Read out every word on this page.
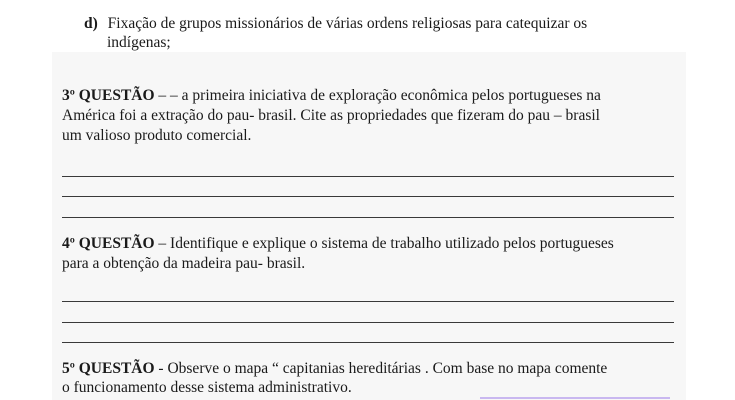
d) Fixação de grupos missionários de várias ordens religiosas para catequizar os
indígenas;
3º QUESTÃO – – a primeira iniciativa de exploração econômica pelos portugueses na
América foi a extração do pau- brasil. Cite as propriedades que fizeram do pau – brasil
um valioso produto comercial.
4º QUESTÃO – Identifique e explique o sistema de trabalho utilizado pelos portugueses
para a obtenção da madeira pau- brasil.
5º QUESTÃO - Observe o mapa “ capitanias hereditárias . Com base no mapa comente
o funcionamento desse sistema administrativo.
